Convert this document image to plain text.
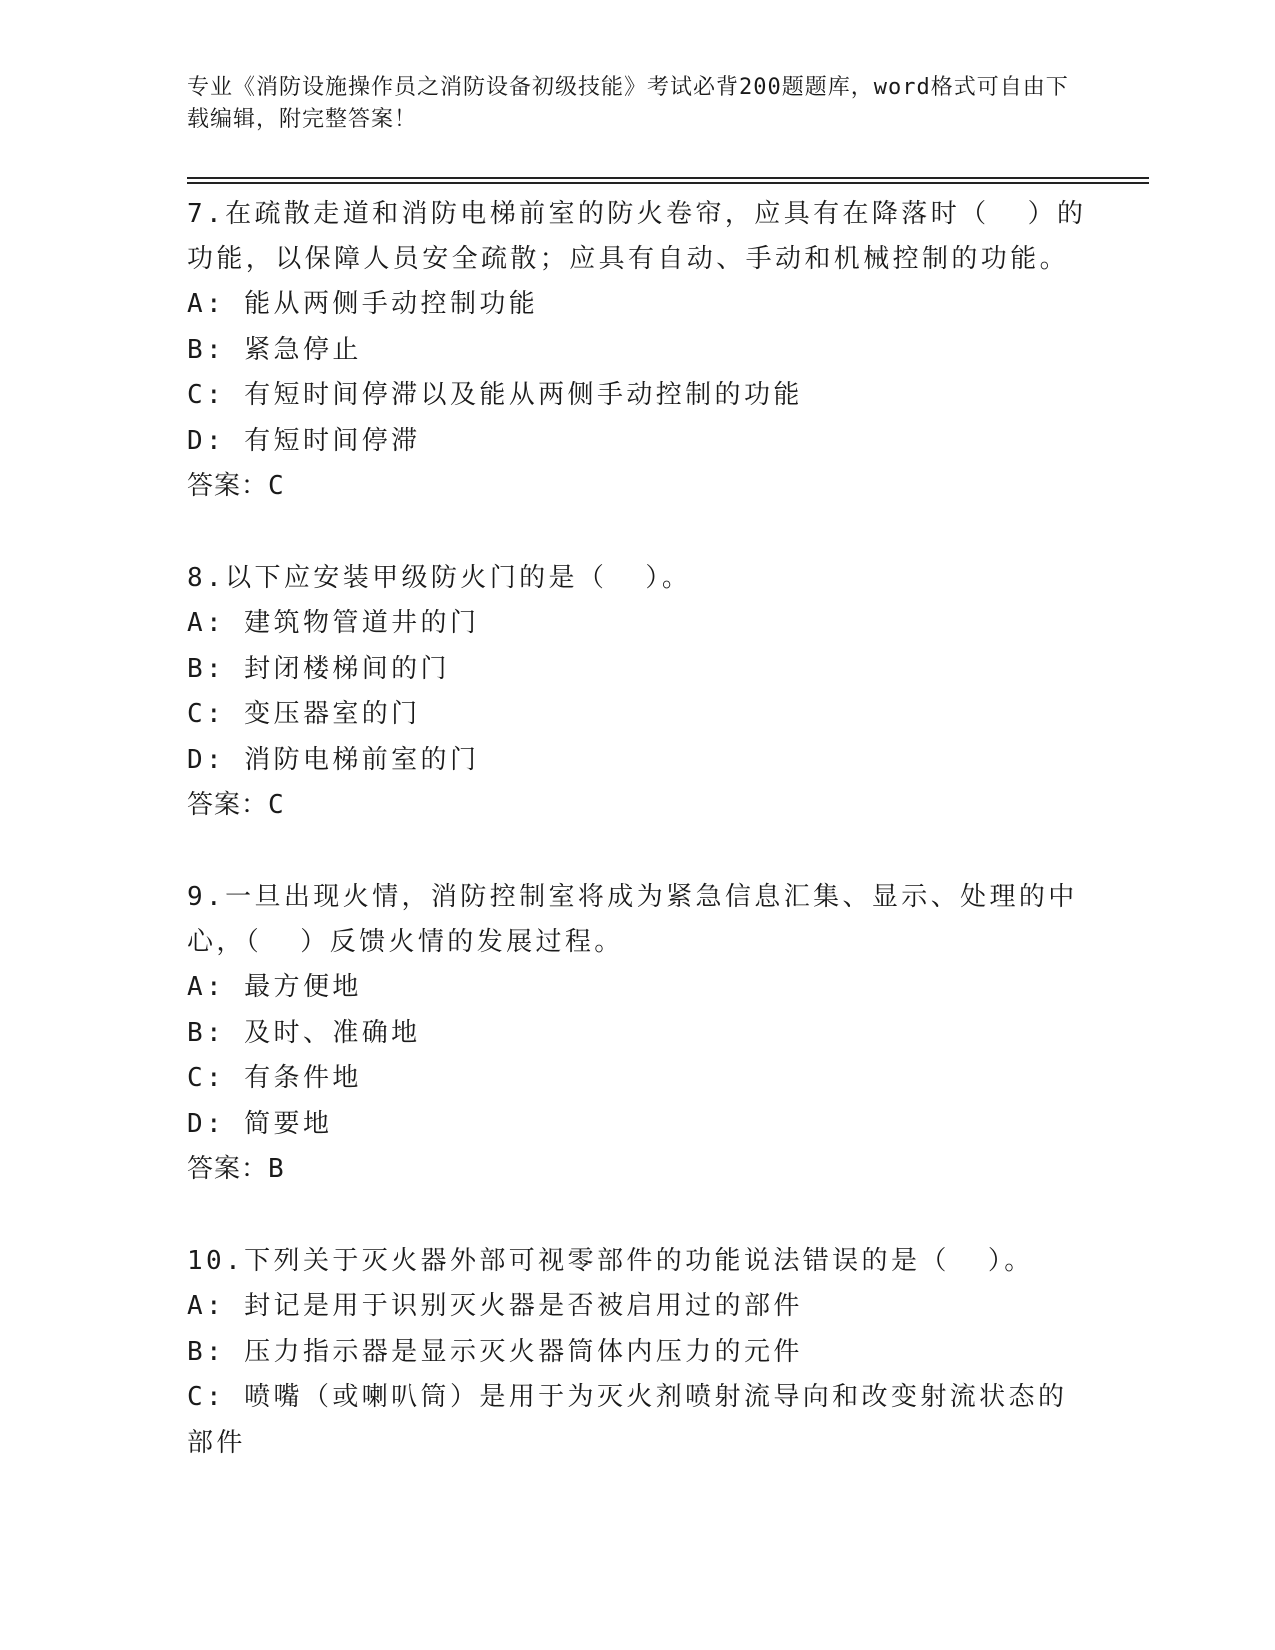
专业《消防设施操作员之消防设备初级技能》考试必背200题题库，word格式可自由下载编辑，附完整答案！

7.在疏散走道和消防电梯前室的防火卷帘，应具有在降落时（  ）的功能，以保障人员安全疏散；应具有自动、手动和机械控制的功能。

A: 能从两侧手动控制功能

B: 紧急停止

C: 有短时间停滞以及能从两侧手动控制的功能

D: 有短时间停滞

答案：C

8.以下应安装甲级防火门的是（  ）。

A: 建筑物管道井的门

B: 封闭楼梯间的门

C: 变压器室的门

D: 消防电梯前室的门

答案：C

9.一旦出现火情，消防控制室将成为紧急信息汇集、显示、处理的中心，（  ）反馈火情的发展过程。

A: 最方便地

B: 及时、准确地

C: 有条件地

D: 简要地

答案：B

10.下列关于灭火器外部可视零部件的功能说法错误的是（  ）。

A: 封记是用于识别灭火器是否被启用过的部件

B: 压力指示器是显示灭火器筒体内压力的元件

C: 喷嘴（或喇叭筒）是用于为灭火剂喷射流导向和改变射流状态的部件
